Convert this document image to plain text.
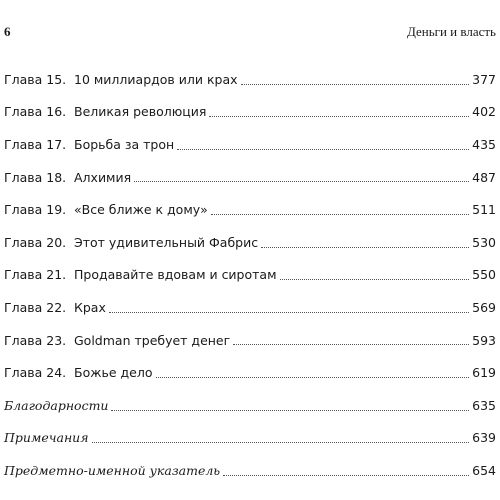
6	Деньги и власть
Глава 15. 10 миллиардов или крах	377
Глава 16. Великая революция	402
Глава 17. Борьба за трон	435
Глава 18. Алхимия	487
Глава 19. «Все ближе к дому»	511
Глава 20. Этот удивительный Фабрис	530
Глава 21. Продавайте вдовам и сиротам	550
Глава 22. Крах	569
Глава 23. Goldman требует денег	593
Глава 24. Божье дело	619
Благодарности	635
Примечания	639
Предметно-именной указатель	654
